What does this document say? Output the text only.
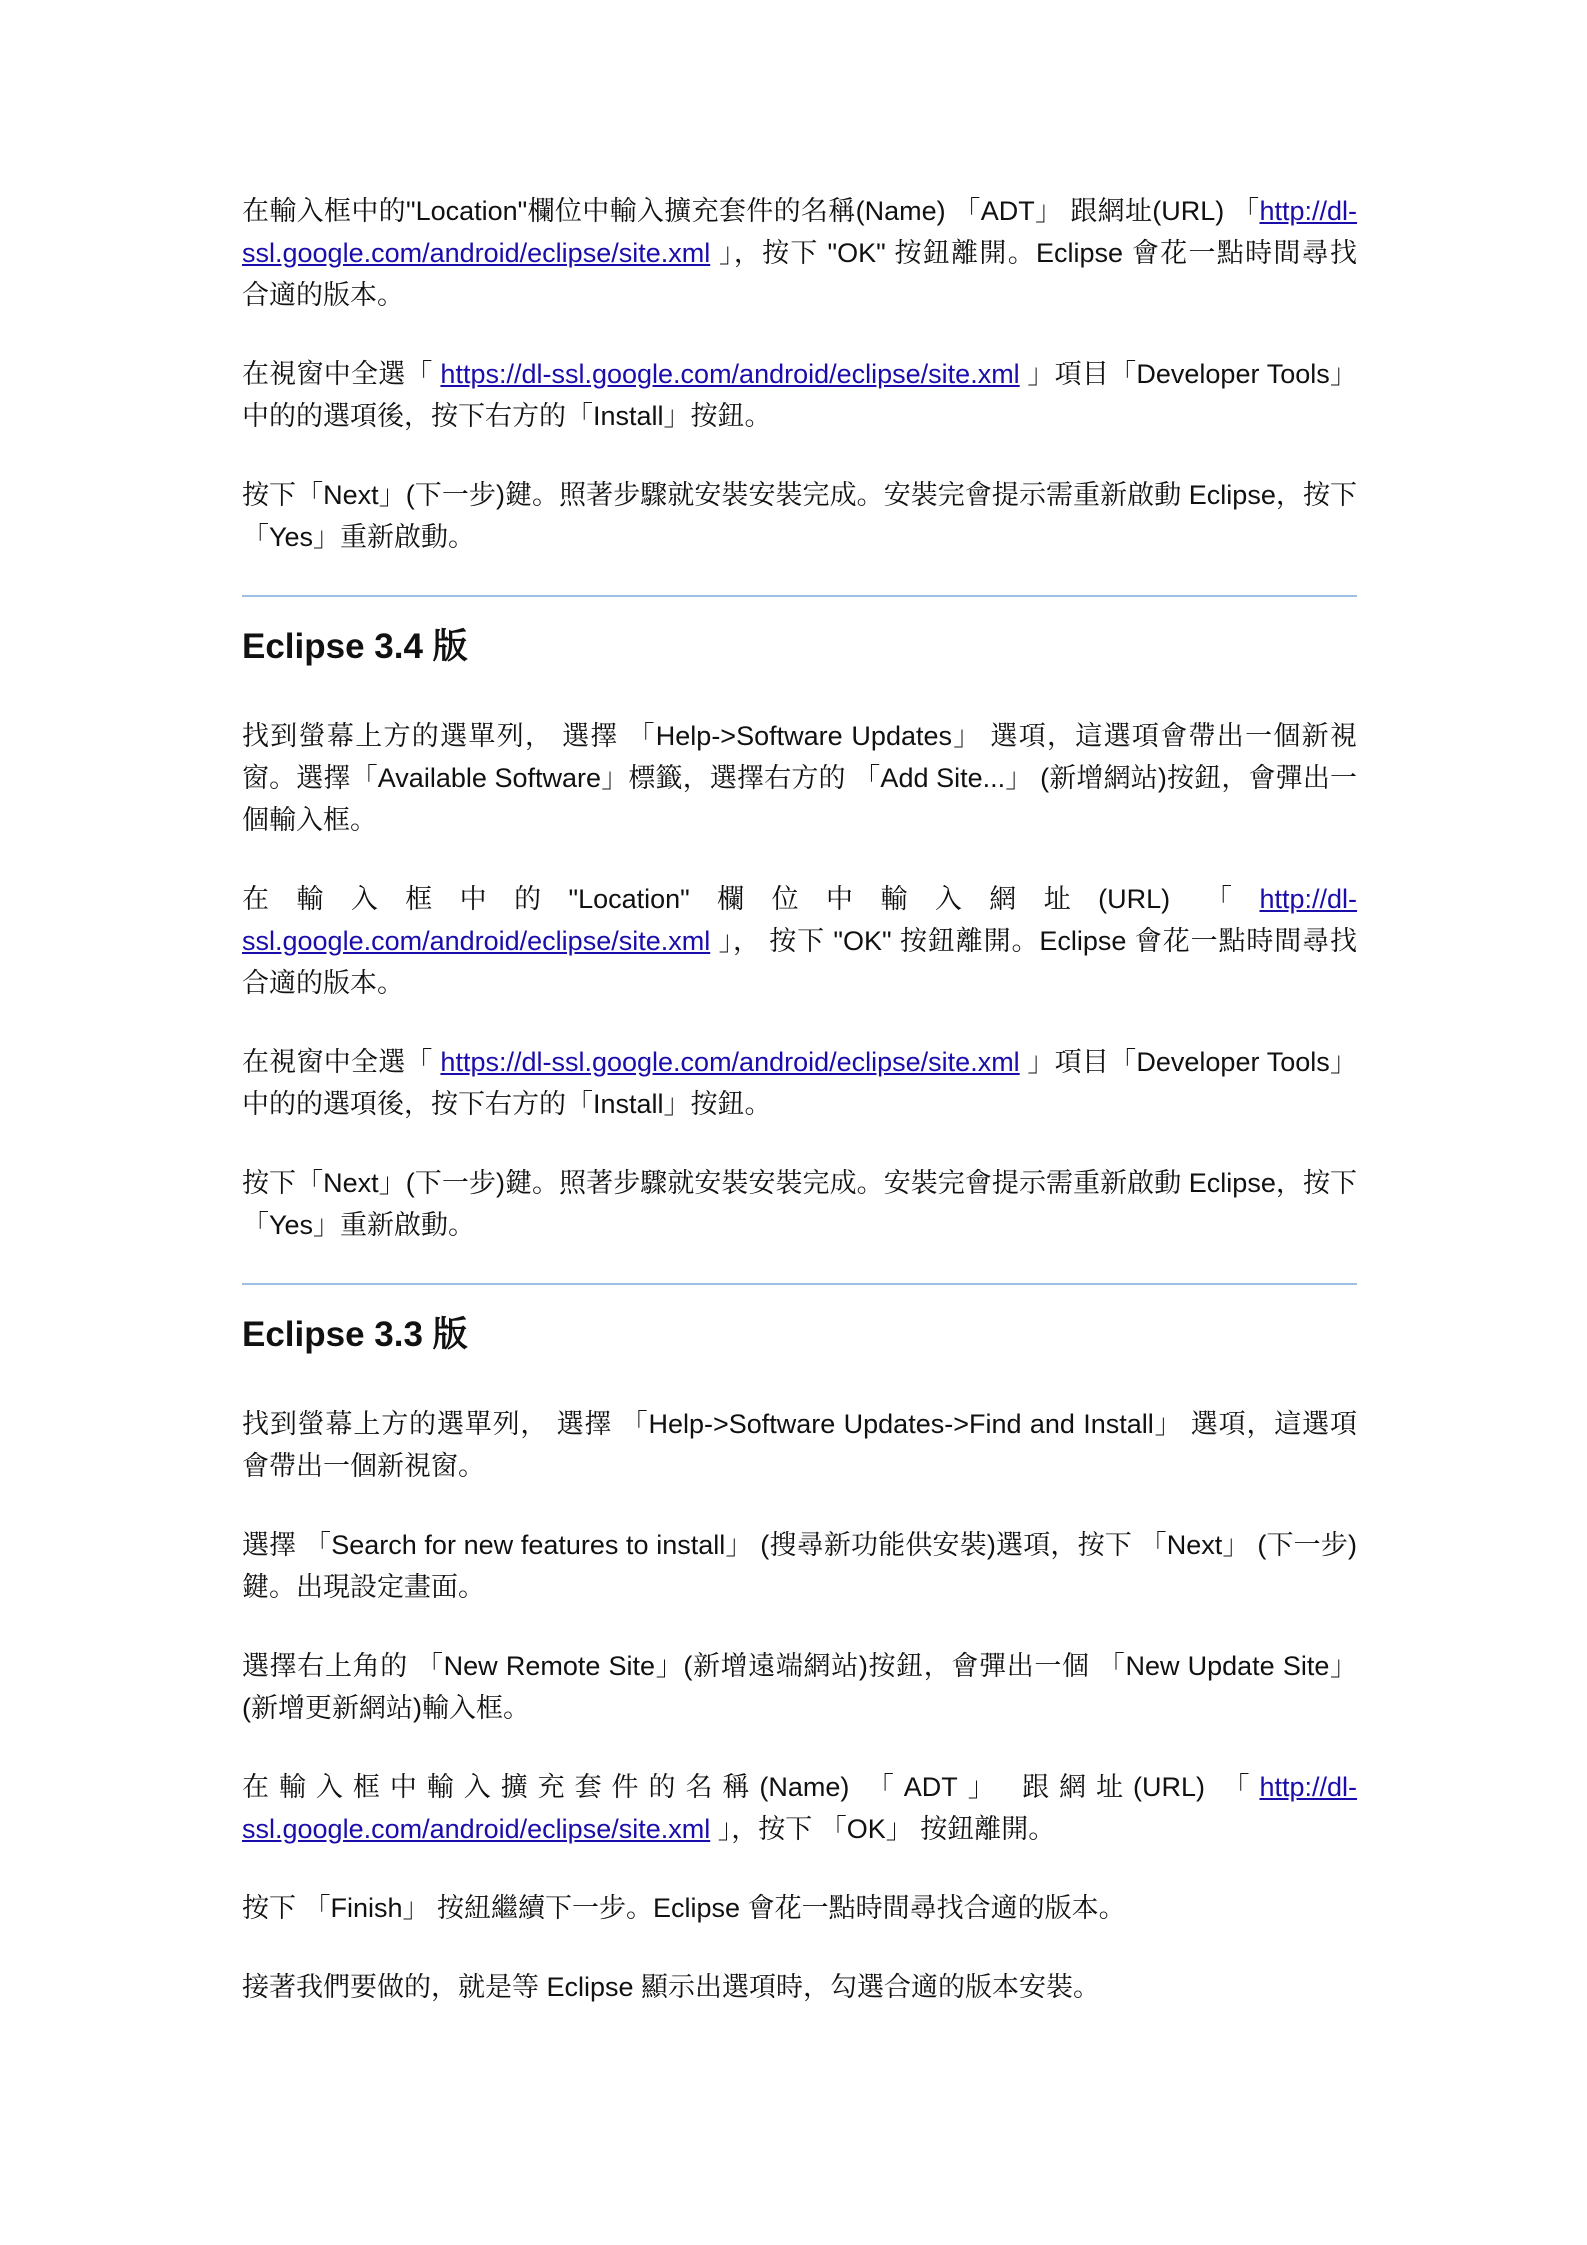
在輸入框中的"Location"欄位中輸入擴充套件的名稱(Name) 「ADT」 跟網址(URL) 「http://dl-ssl.google.com/android/eclipse/site.xml 」，按下 "OK" 按鈕離開。Eclipse 會花一點時間尋找合適的版本。

在視窗中全選「 https://dl-ssl.google.com/android/eclipse/site.xml 」項目「Developer Tools」中的的選項後，按下右方的「Install」按鈕。

按下「Next」(下一步)鍵。照著步驟就安裝安裝完成。安裝完會提示需重新啟動 Eclipse，按下「Yes」重新啟動。

Eclipse 3.4 版

找到螢幕上方的選單列， 選擇 「Help->Software Updates」 選項，這選項會帶出一個新視窗。選擇「Available Software」標籤，選擇右方的 「Add Site...」 (新增網站)按鈕，會彈出一個輸入框。

在輸入框中的"Location"欄位中輸入網址(URL) 「http://dl-ssl.google.com/android/eclipse/site.xml 」， 按下 "OK" 按鈕離開。Eclipse 會花一點時間尋找合適的版本。

在視窗中全選「 https://dl-ssl.google.com/android/eclipse/site.xml 」項目「Developer Tools」中的的選項後，按下右方的「Install」按鈕。

按下「Next」(下一步)鍵。照著步驟就安裝安裝完成。安裝完會提示需重新啟動 Eclipse，按下「Yes」重新啟動。

Eclipse 3.3 版

找到螢幕上方的選單列， 選擇 「Help->Software Updates->Find and Install」 選項，這選項會帶出一個新視窗。

選擇 「Search for new features to install」 (搜尋新功能供安裝)選項，按下 「Next」 (下一步)鍵。出現設定畫面。

選擇右上角的 「New Remote Site」(新增遠端網站)按鈕，會彈出一個 「New Update Site」(新增更新網站)輸入框。

在輸入框中輸入擴充套件的名稱(Name) 「ADT」 跟網址(URL) 「http://dl-ssl.google.com/android/eclipse/site.xml 」，按下 「OK」 按鈕離開。

按下 「Finish」 按紐繼續下一步。Eclipse 會花一點時間尋找合適的版本。

接著我們要做的，就是等 Eclipse 顯示出選項時，勾選合適的版本安裝。
